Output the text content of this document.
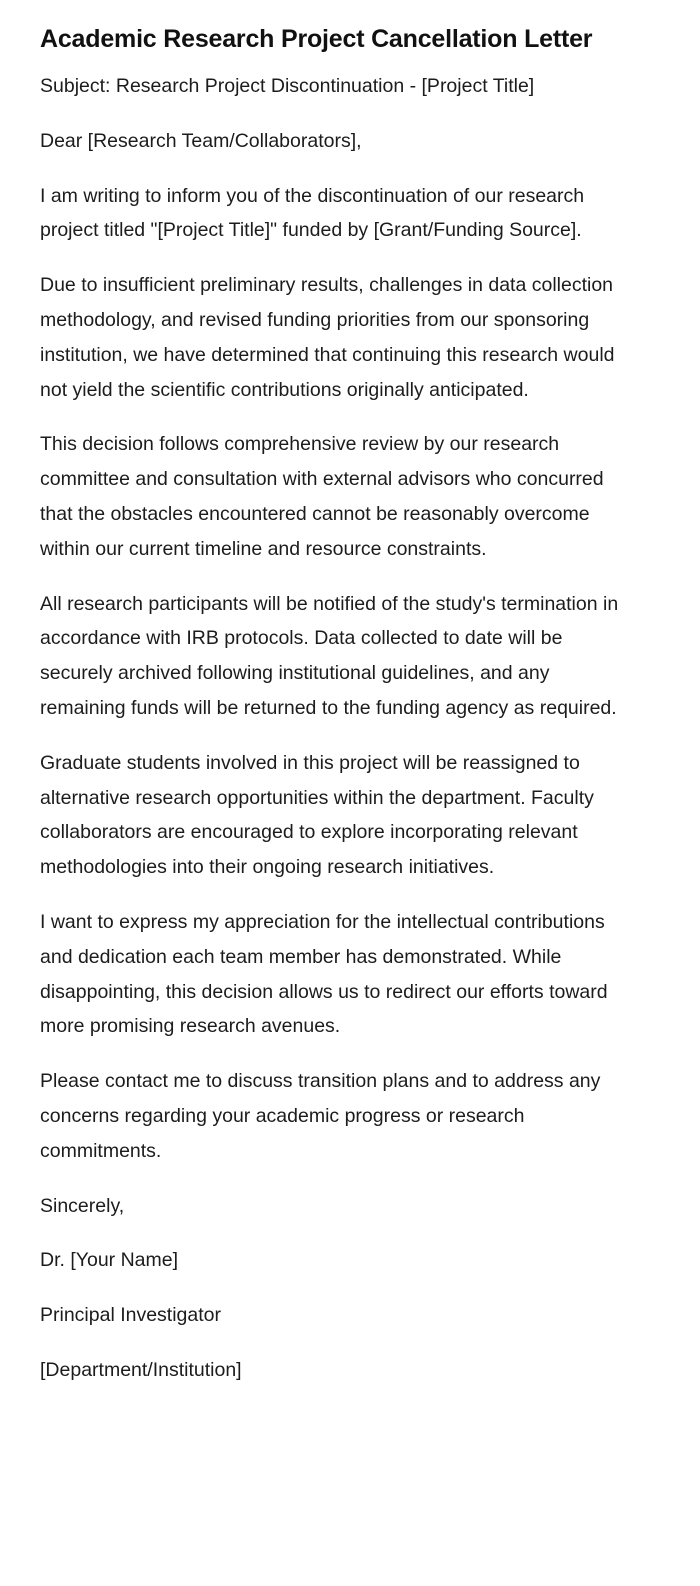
Academic Research Project Cancellation Letter

Subject: Research Project Discontinuation - [Project Title]

Dear [Research Team/Collaborators],

I am writing to inform you of the discontinuation of our research project titled "[Project Title]" funded by [Grant/Funding Source].

Due to insufficient preliminary results, challenges in data collection methodology, and revised funding priorities from our sponsoring institution, we have determined that continuing this research would not yield the scientific contributions originally anticipated.

This decision follows comprehensive review by our research committee and consultation with external advisors who concurred that the obstacles encountered cannot be reasonably overcome within our current timeline and resource constraints.

All research participants will be notified of the study's termination in accordance with IRB protocols. Data collected to date will be securely archived following institutional guidelines, and any remaining funds will be returned to the funding agency as required.

Graduate students involved in this project will be reassigned to alternative research opportunities within the department. Faculty collaborators are encouraged to explore incorporating relevant methodologies into their ongoing research initiatives.

I want to express my appreciation for the intellectual contributions and dedication each team member has demonstrated. While disappointing, this decision allows us to redirect our efforts toward more promising research avenues.

Please contact me to discuss transition plans and to address any concerns regarding your academic progress or research commitments.

Sincerely,

Dr. [Your Name]

Principal Investigator

[Department/Institution]
